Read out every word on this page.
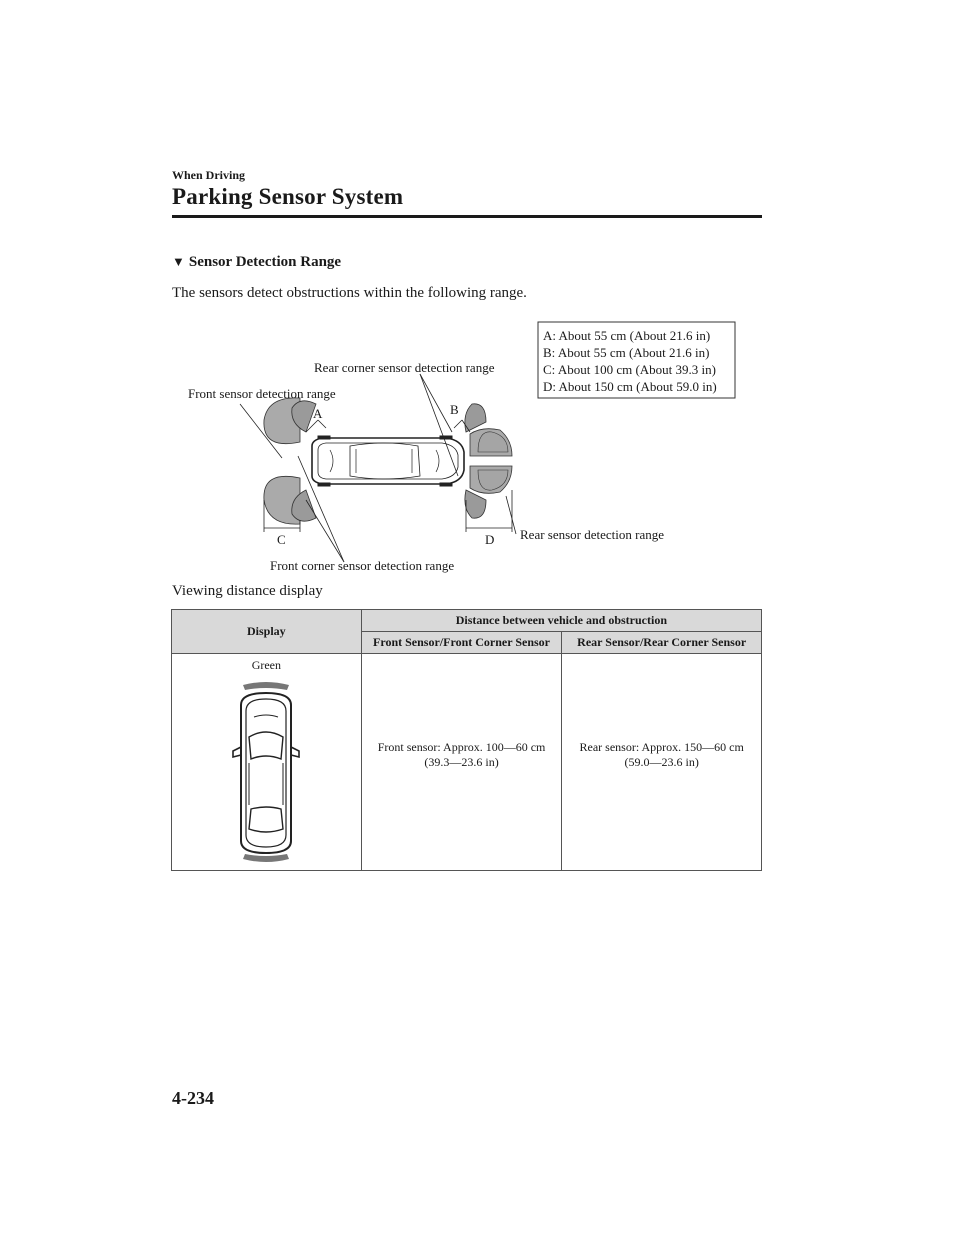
When Driving
Parking Sensor System
▼ Sensor Detection Range
The sensors detect obstructions within the following range.
A: About 55 cm (About 21.6 in)
B: About 55 cm (About 21.6 in)
C: About 100 cm (About 39.3 in)
D: About 150 cm (About 59.0 in)
Rear corner sensor detection range
Front sensor detection range
Rear sensor detection range
Front corner sensor detection range
A	B
C	D
Viewing distance display
Display	Distance between vehicle and obstruction	
	Front Sensor/Front Corner Sensor	Rear Sensor/Rear Corner Sensor

Green	Front sensor: Approx. 100―60 cm (39.3―23.6 in)	Rear sensor: Approx. 150―60 cm (59.0―23.6 in)
4-234
